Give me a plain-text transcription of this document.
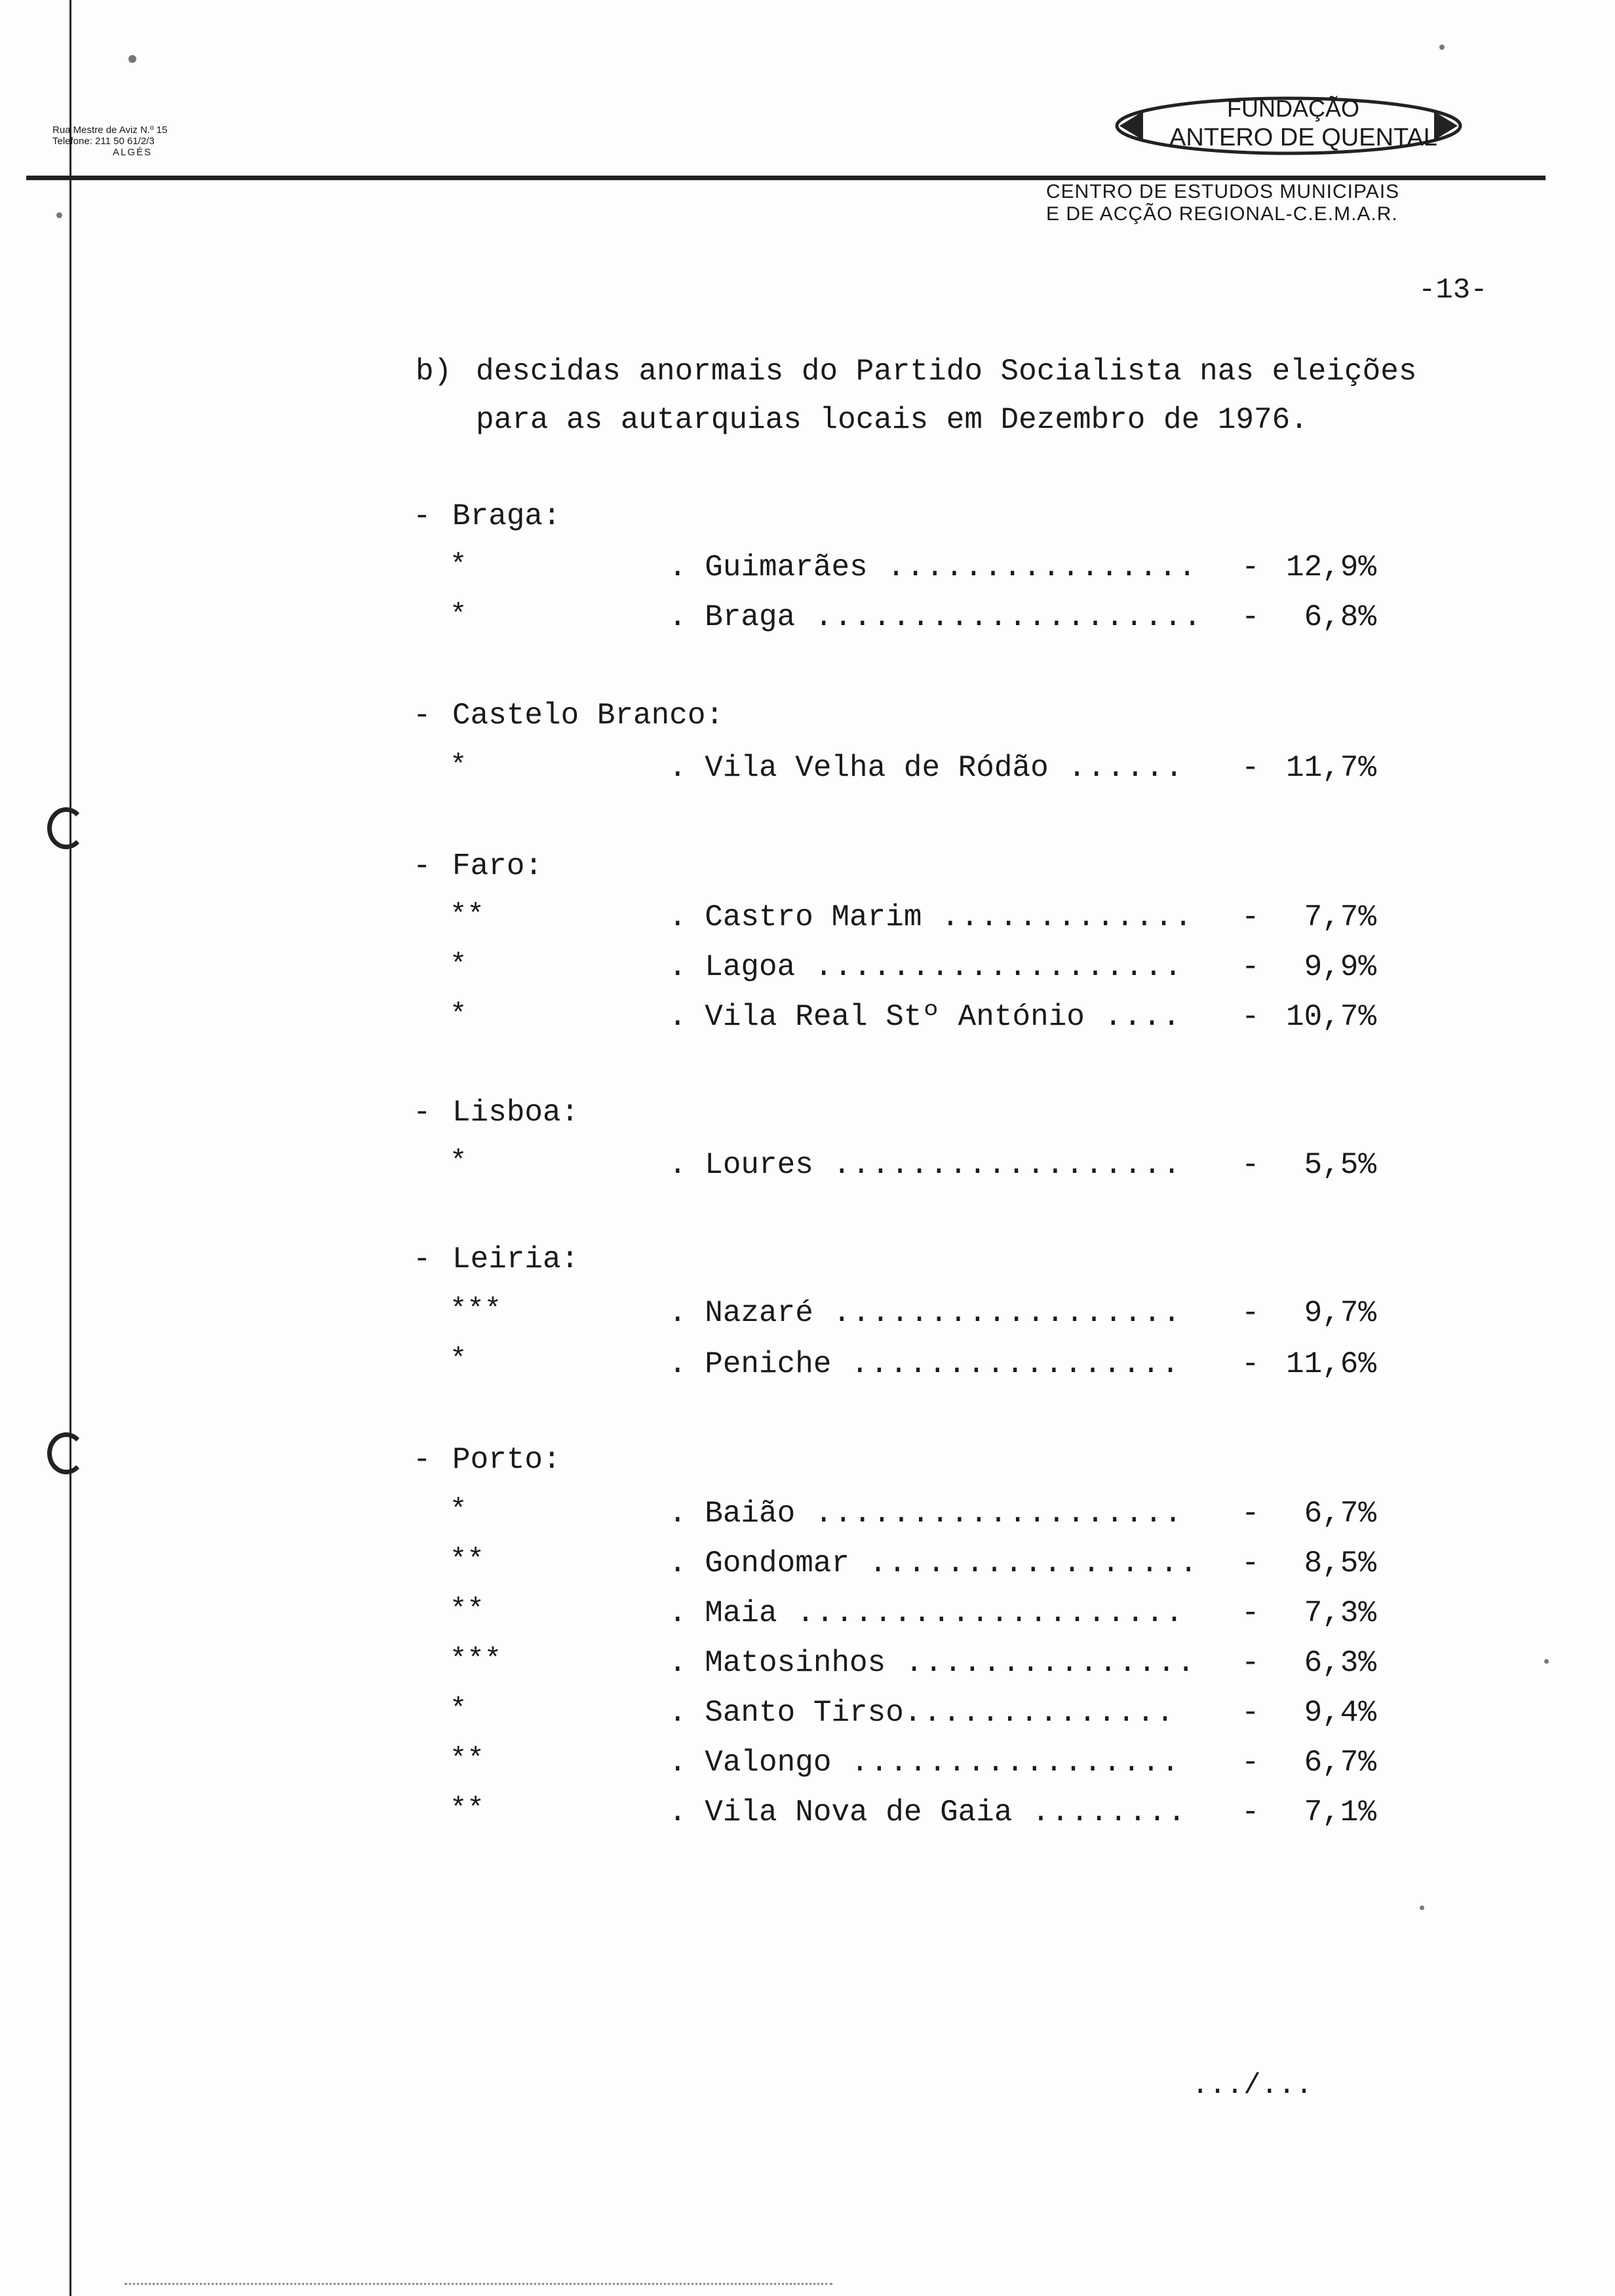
Rua Mestre de Aviz N.º 15
Telefone: 211 50 61/2/3
ALGÉS
FUNDAÇÃO
ANTERO DE QUENTAL
CENTRO DE ESTUDOS MUNICIPAIS
E DE ACÇÃO REGIONAL-C.E.M.A.R.
-13-
b) descidas anormais do Partido Socialista nas eleições para as autarquias locais em Dezembro de 1976.
- Braga:
*	. Guimarães ................	- 12,9%
*	. Braga ....................	- 6,8%
- Castelo Branco:
*	. Vila Velha de Ródão ......	- 11,7%
- Faro:
**	. Castro Marim .............	- 7,7%
*	. Lagoa ...................	- 9,9%
*	. Vila Real Stº António ....	- 10,7%
- Lisboa:
*	. Loures ..................	- 5,5%
- Leiria:
***	. Nazaré ..................	- 9,7%
*	. Peniche .................	- 11,6%
- Porto:
*	. Baião ...................	- 6,7%
**	. Gondomar .................	- 8,5%
**	. Maia ....................	- 7,3%
***	. Matosinhos ...............	- 6,3%
*	. Santo Tirso..............	- 9,4%
**	. Valongo .................	- 6,7%
**	. Vila Nova de Gaia ........	- 7,1%
.../...
